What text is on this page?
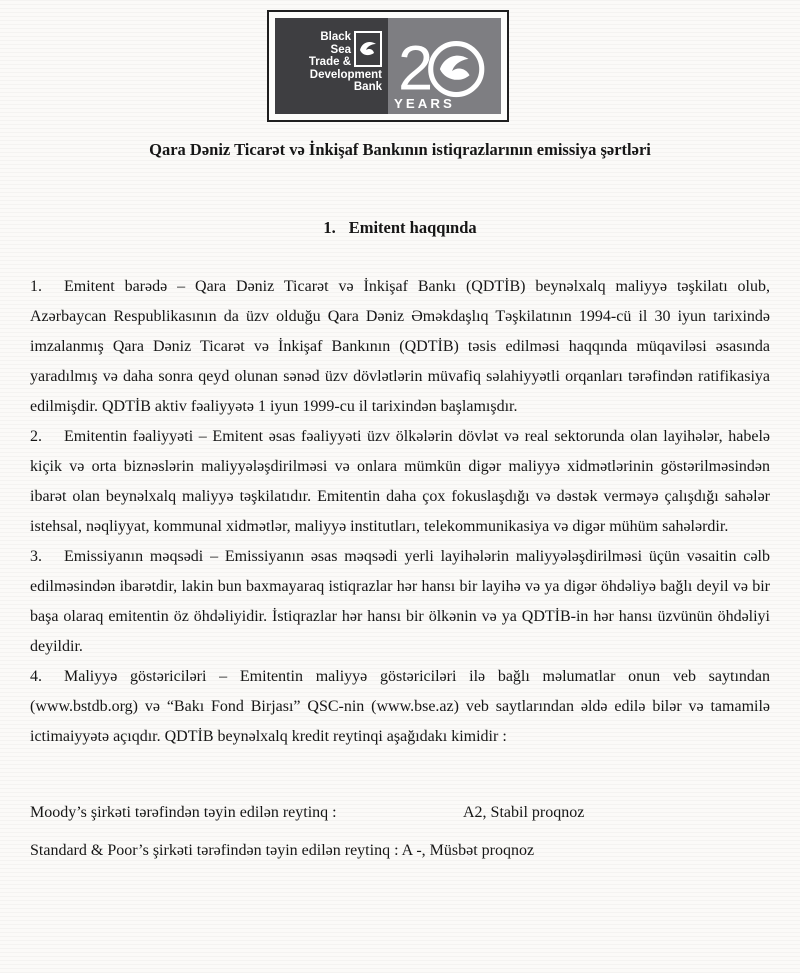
Black
Sea
Trade &
Development
Bank 2
YEARS
Qara Dəniz Ticarət və İnkişaf Bankının istiqrazlarının emissiya şərtləri
1. Emitent haqqında

1. Emitent barədə – Qara Dəniz Ticarət və İnkişaf Bankı (QDTİB) beynəlxalq maliyyə təşkilatı olub, Azərbaycan Respublikasının da üzv olduğu Qara Dəniz Əməkdaşlıq Təşkilatının 1994-cü il 30 iyun tarixində imzalanmış Qara Dəniz Ticarət və İnkişaf Bankının (QDTİB) təsis edilməsi haqqında müqaviləsi əsasında yaradılmış və daha sonra qeyd olunan sənəd üzv dövlətlərin müvafiq səlahiyyətli orqanları tərəfindən ratifikasiya edilmişdir. QDTİB aktiv fəaliyyətə 1 iyun 1999-cu il tarixindən başlamışdır.

2. Emitentin fəaliyyəti – Emitent əsas fəaliyyəti üzv ölkələrin dövlət və real sektorunda olan layihələr, habelə kiçik və orta biznəslərin maliyyələşdirilməsi və onlara mümkün digər maliyyə xidmətlərinin göstərilməsindən ibarət olan beynəlxalq maliyyə təşkilatıdır. Emitentin daha çox fokuslaşdığı və dəstək verməyə çalışdığı sahələr istehsal, nəqliyyat, kommunal xidmətlər, maliyyə institutları, telekommunikasiya və digər mühüm sahələrdir.

3. Emissiyanın məqsədi – Emissiyanın əsas məqsədi yerli layihələrin maliyyələşdirilməsi üçün vəsaitin cəlb edilməsindən ibarətdir, lakin bun baxmayaraq istiqrazlar hər hansı bir layihə və ya digər öhdəliyə bağlı deyil və bir başa olaraq emitentin öz öhdəliyidir. İstiqrazlar hər hansı bir ölkənin və ya QDTİB-in hər hansı üzvünün öhdəliyi deyildir.

4. Maliyyə göstəriciləri – Emitentin maliyyə göstəriciləri ilə bağlı məlumatlar onun veb saytından (www.bstdb.org) və “Bakı Fond Birjası” QSC-nin (www.bse.az) veb saytlarından əldə edilə bilər və tamamilə ictimaiyyətə açıqdır. QDTİB beynəlxalq kredit reytinqi aşağıdakı kimidir :

Moody’s şirkəti tərəfindən təyin edilən reytinq :	A2, Stabil proqnoz
Standard & Poor’s şirkəti tərəfindən təyin edilən reytinq : A -, Müsbət proqnoz
